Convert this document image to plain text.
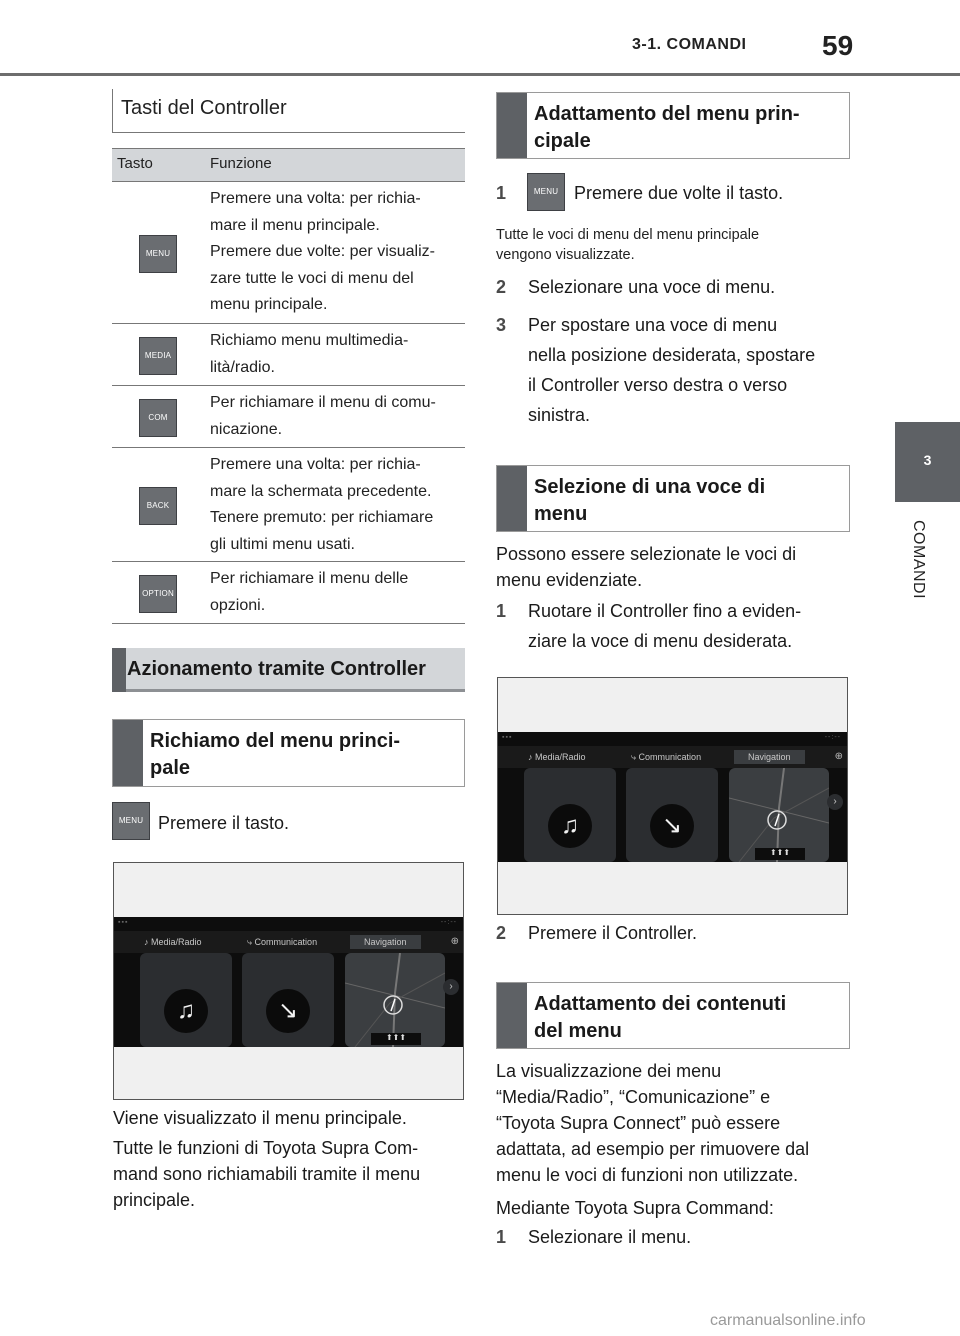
3-1. COMANDI	59
3
COMANDI
Tasti del Controller
Tasto	Funzione
MENU
Premere una volta: per richia-
mare il menu principale.
Premere due volte: per visualiz-
zare tutte le voci di menu del
menu principale.
MEDIA
Richiamo menu multimedia-
lità/radio.
COM
Per richiamare il menu di comu-
nicazione.
BACK
Premere una volta: per richia-
mare la schermata precedente.
Tenere premuto: per richiamare
gli ultimi menu usati.
OPTION
Per richiamare il menu delle
opzioni.
Azionamento tramite Controller
Richiamo del menu princi-
pale
MENU Premere il tasto.
▪▪▪	--:--
♪ Media/Radio	⤷ Communication	Navigation	⊕
♫	↘
⬆⬆⬆
›
Viene visualizzato il menu principale.
Tutte le funzioni di Toyota Supra Com-
mand sono richiamabili tramite il menu
principale.
Adattamento del menu prin-
cipale
1	MENU Premere due volte il tasto.
Tutte le voci di menu del menu principale
vengono visualizzate.
2 Selezionare una voce di menu.
3 Per spostare una voce di menu
nella posizione desiderata, spostare
il Controller verso destra o verso
sinistra.
Selezione di una voce di
menu
Possono essere selezionate le voci di
menu evidenziate.
1 Ruotare il Controller fino a eviden-
ziare la voce di menu desiderata.
▪▪▪	--:--
♪ Media/Radio	⤷ Communication	Navigation	⊕
♫	↘
⬆⬆⬆
›
2 Premere il Controller.
Adattamento dei contenuti
del menu
La visualizzazione dei menu
“Media/Radio”, “Comunicazione” e
“Toyota Supra Connect” può essere
adattata, ad esempio per rimuovere dal
menu le voci di funzioni non utilizzate.
Mediante Toyota Supra Command:
1 Selezionare il menu.
carmanualsonline.info
